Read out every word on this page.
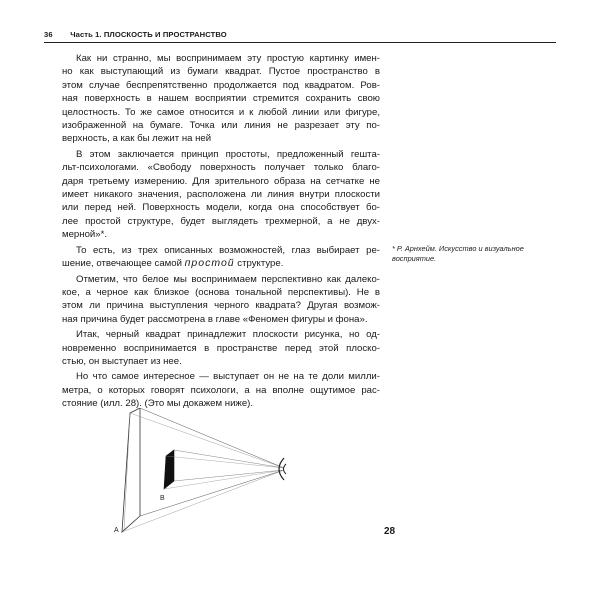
36 Часть 1. ПЛОСКОСТЬ И ПРОСТРАНСТВО

Как ни странно, мы воспринимаем эту простую картинку имен-
но как выступающий из бумаги квадрат. Пустое пространство в
этом случае беспрепятственно продолжается под квадратом. Ров-
ная поверхность в нашем восприятии стремится сохранить свою
целостность. То же самое относится и к любой линии или фигуре,
изображенной на бумаге. Точка или линия не разрезает эту по-
верхность, а как бы лежит на ней

В этом заключается принцип простоты, предложенный гешта-
льт-психологами. «Свободу поверхность получает только благо-
даря третьему измерению. Для зрительного образа на сетчатке не
имеет никакого значения, расположена ли линия внутри плоскости
или перед ней. Поверхность модели, когда она способствует бо-
лее простой структуре, будет выглядеть трехмерной, а не двух-
мерной»*.

То есть, из трех описанных возможностей, глаз выбирает ре-
шение, отвечающее самой простой структуре.

Отметим, что белое мы воспринимаем перспективно как далеко-
кое, а черное как близкое (основа тональной перспективы). Не в
этом ли причина выступления черного квадрата? Другая возмож-
ная причина будет рассмотрена в главе «Феномен фигуры и фона».

Итак, черный квадрат принадлежит плоскости рисунка, но од-
новременно воспринимается в пространстве перед этой плоско-
стью, он выступает из нее.

Но что самое интересное — выступает он не на те доли милли-
метра, о которых говорят психологи, а на вполне ощутимое рас-
стояние (илл. 28). (Это мы докажем ниже).

* Р. Арнхейм. Искусство и визуальное восприятие.
B
A	28
